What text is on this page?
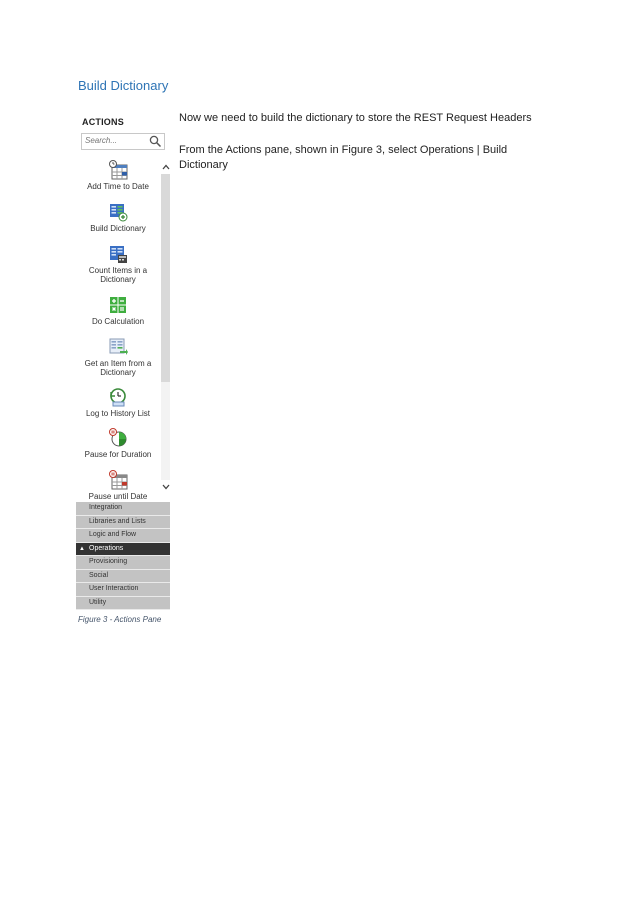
Build Dictionary
ACTIONS
Search...
Add Time to Date
Build Dictionary
Count Items in a Dictionary
Do Calculation
Get an Item from a Dictionary
Log to History List
Pause for Duration
Pause until Date
Integration
Libraries and Lists
Logic and Flow
▲ Operations
Provisioning
Social
User Interaction
Utility
Figure 3 - Actions Pane
Now we need to build the dictionary to store the REST Request Headers
From the Actions pane, shown in Figure 3, select Operations | Build Dictionary
